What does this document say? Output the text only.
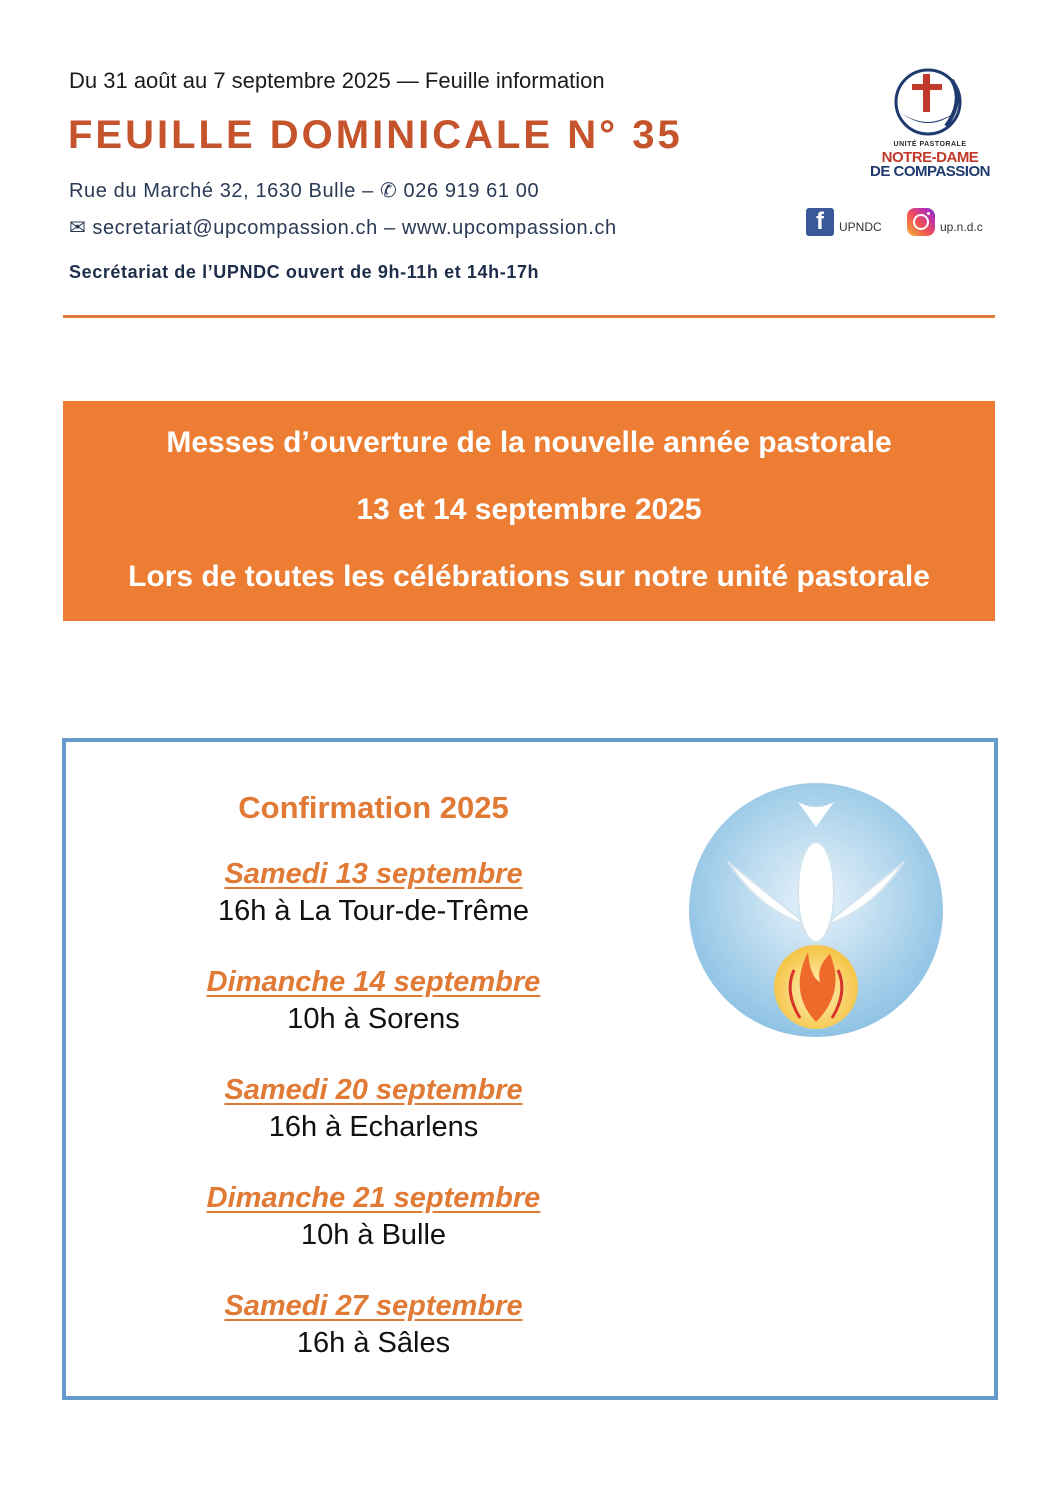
Du 31 août au 7 septembre 2025 — Feuille information
FEUILLE DOMINICALE N° 35
Rue du Marché 32, 1630 Bulle – ✆ 026 919 61 00
✉ secretariat@upcompassion.ch – www.upcompassion.ch
Secrétariat de l’UPNDC ouvert de 9h-11h et 14h-17h
UNITÉ PASTORALE
NOTRE-DAME
DE COMPASSION
f	UPNDC	up.n.d.c
Messes d’ouverture de la nouvelle année pastorale
13 et 14 septembre 2025
Lors de toutes les célébrations sur notre unité pastorale
Confirmation 2025
Samedi 13 septembre
16h à La Tour-de-Trême
Dimanche 14 septembre
10h à Sorens
Samedi 20 septembre
16h à Echarlens
Dimanche 21 septembre
10h à Bulle
Samedi 27 septembre
16h à Sâles
